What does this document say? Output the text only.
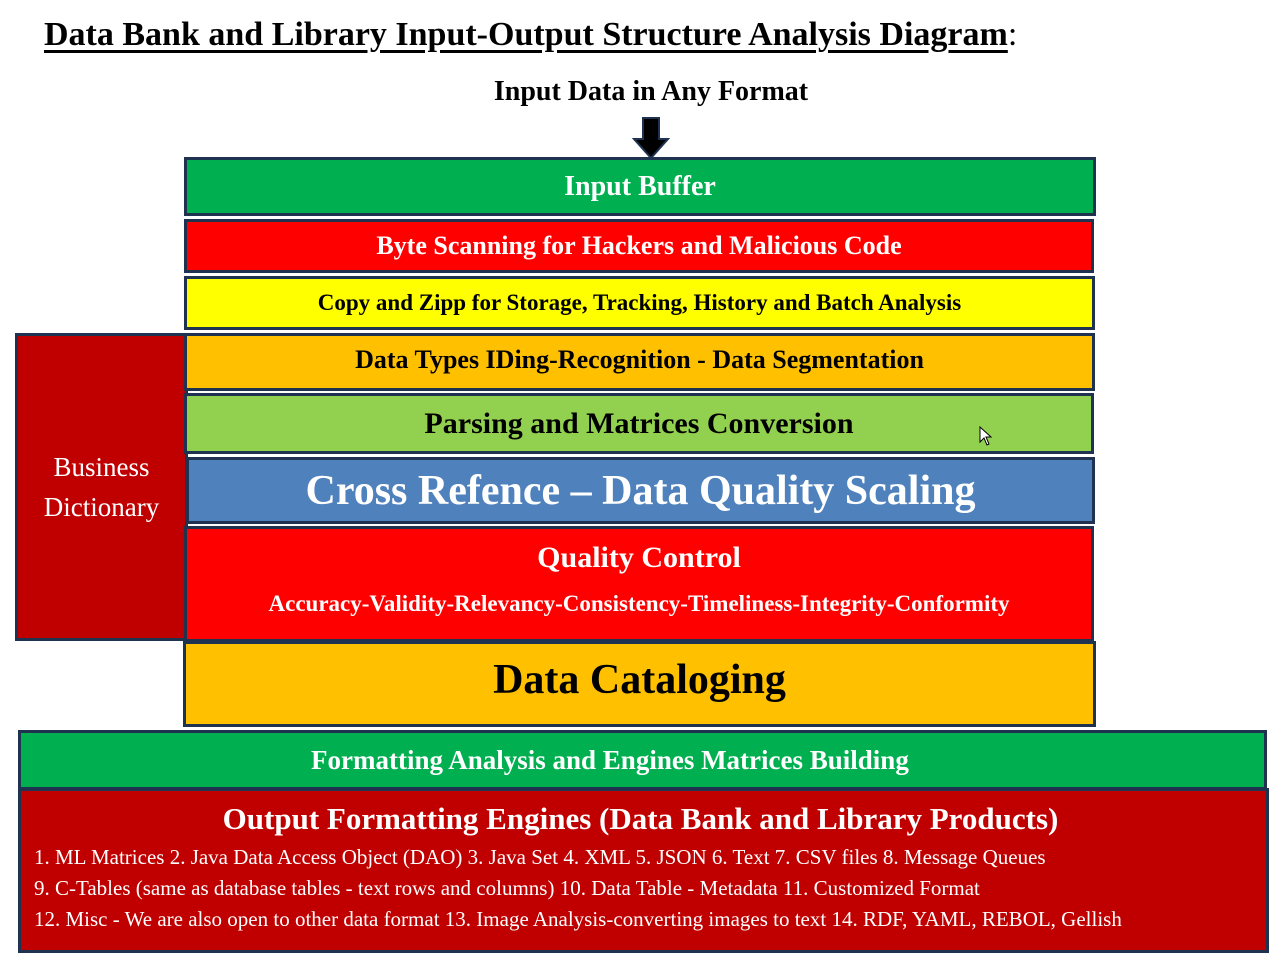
Data Bank and Library Input-Output Structure Analysis Diagram:
Input Data in Any Format
Business
Dictionary
Input Buffer
Byte Scanning for Hackers and Malicious Code
Copy and Zipp for Storage, Tracking, History and Batch Analysis
Data Types IDing-Recognition - Data Segmentation
Parsing and Matrices Conversion
Cross Refence – Data Quality Scaling
Quality Control
Accuracy-Validity-Relevancy-Consistency-Timeliness-Integrity-Conformity
Data Cataloging
Formatting Analysis and Engines Matrices Building
Output Formatting Engines (Data Bank and Library Products)
1. ML Matrices 2. Java Data Access Object (DAO) 3. Java Set 4. XML 5. JSON 6. Text 7. CSV files 8. Message Queues
9. C-Tables (same as database tables - text rows and columns) 10. Data Table - Metadata 11. Customized Format
12. Misc - We are also open to other data format 13. Image Analysis-converting images to text 14. RDF, YAML, REBOL, Gellish
